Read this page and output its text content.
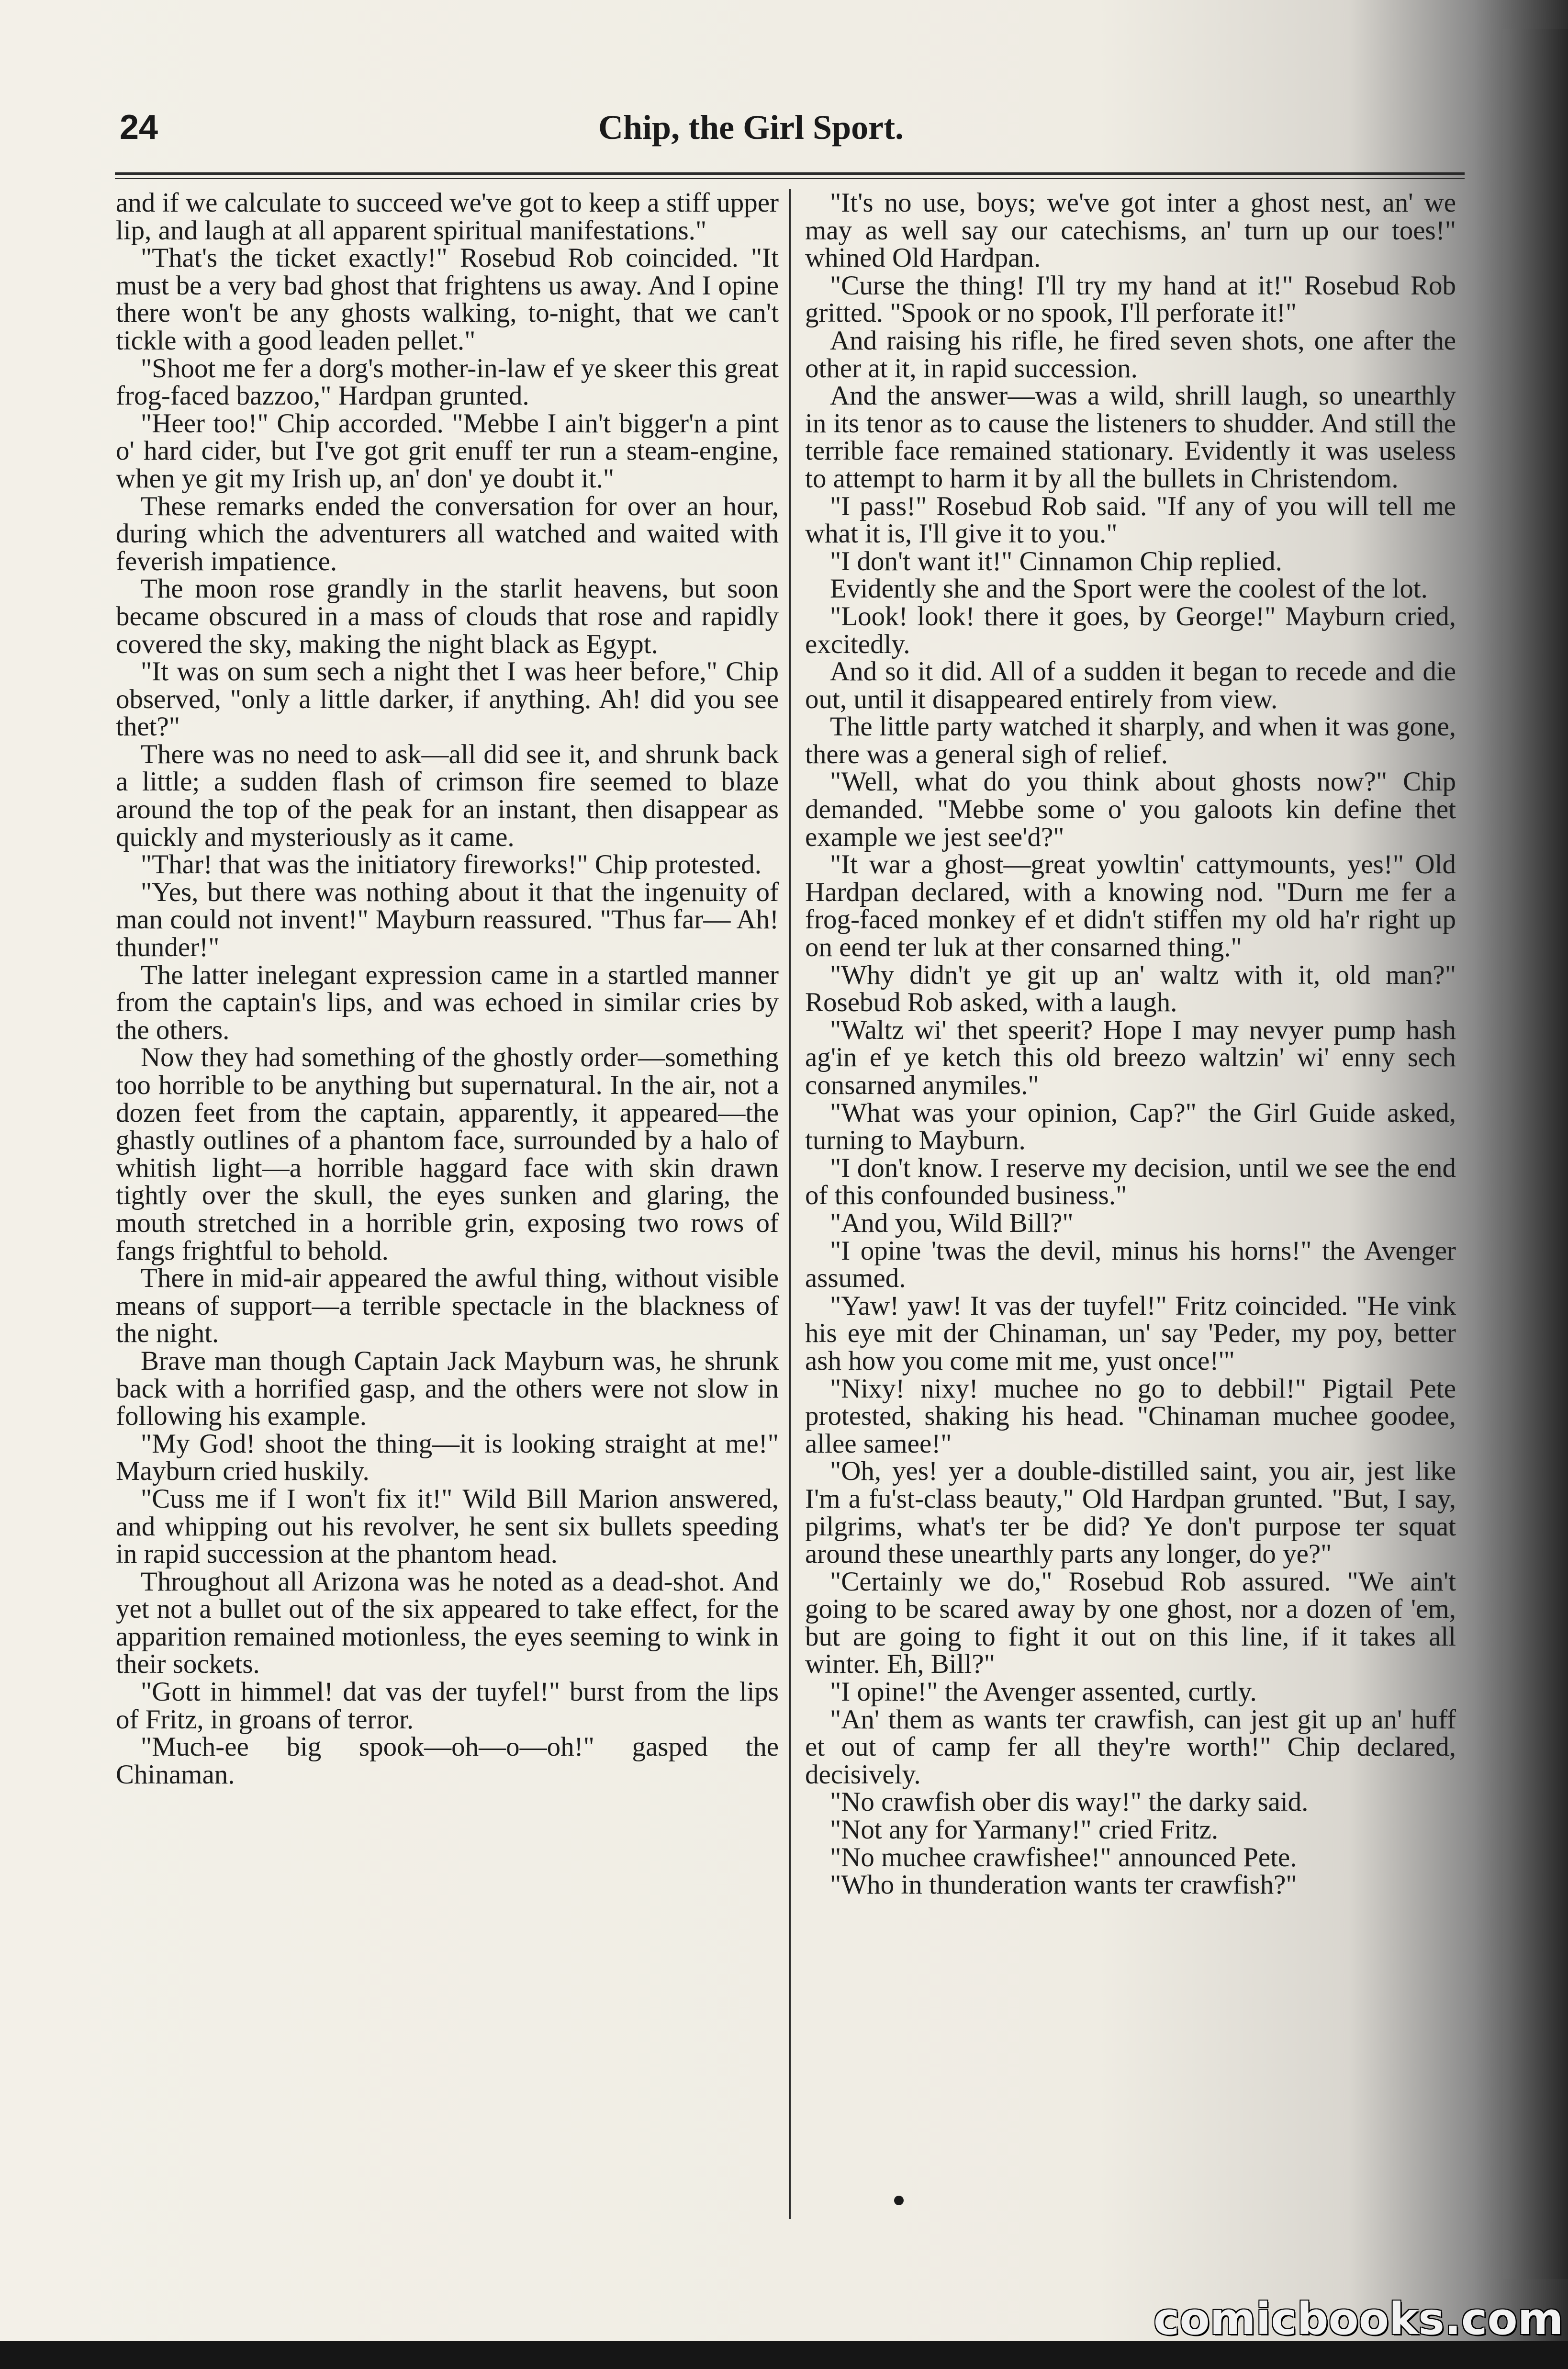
24	Chip, the Girl Sport.

and if we calculate to succeed we've got to keep a stiff upper lip, and laugh at all apparent spiritual manifestations."

"That's the ticket exactly!" Rosebud Rob coincided. "It must be a very bad ghost that frightens us away. And I opine there won't be any ghosts walking, to-night, that we can't tickle with a good leaden pellet."

"Shoot me fer a dorg's mother-in-law ef ye skeer this great frog-faced bazzoo," Hardpan grunted.

"Heer too!" Chip accorded. "Mebbe I ain't bigger'n a pint o' hard cider, but I've got grit enuff ter run a steam-engine, when ye git my Irish up, an' don' ye doubt it."

These remarks ended the conversation for over an hour, during which the adventurers all watched and waited with feverish impatience.

The moon rose grandly in the starlit heavens, but soon became obscured in a mass of clouds that rose and rapidly covered the sky, making the night black as Egypt.

"It was on sum sech a night thet I was heer before," Chip observed, "only a little darker, if anything. Ah! did you see thet?"

There was no need to ask—all did see it, and shrunk back a little; a sudden flash of crimson fire seemed to blaze around the top of the peak for an instant, then disappear as quickly and mysteriously as it came.

"Thar! that was the initiatory fireworks!" Chip protested.

"Yes, but there was nothing about it that the ingenuity of man could not invent!" Mayburn reassured. "Thus far— Ah! thunder!"

The latter inelegant expression came in a startled manner from the captain's lips, and was echoed in similar cries by the others.

Now they had something of the ghostly order—something too horrible to be anything but supernatural. In the air, not a dozen feet from the captain, apparently, it appeared—the ghastly outlines of a phantom face, surrounded by a halo of whitish light—a horrible haggard face with skin drawn tightly over the skull, the eyes sunken and glaring, the mouth stretched in a horrible grin, exposing two rows of fangs frightful to behold.

There in mid-air appeared the awful thing, without visible means of support—a terrible spectacle in the blackness of the night.

Brave man though Captain Jack Mayburn was, he shrunk back with a horrified gasp, and the others were not slow in following his example.

"My God! shoot the thing—it is looking straight at me!" Mayburn cried huskily.

"Cuss me if I won't fix it!" Wild Bill Marion answered, and whipping out his revolver, he sent six bullets speeding in rapid succession at the phantom head.

Throughout all Arizona was he noted as a dead-shot. And yet not a bullet out of the six appeared to take effect, for the apparition remained motionless, the eyes seeming to wink in their sockets.

"Gott in himmel! dat vas der tuyfel!" burst from the lips of Fritz, in groans of terror.

"Much-ee big spook—oh—o—oh!" gasped the Chinaman.

"It's no use, boys; we've got inter a ghost nest, an' we may as well say our catechisms, an' turn up our toes!" whined Old Hardpan.

"Curse the thing! I'll try my hand at it!" Rosebud Rob gritted. "Spook or no spook, I'll perforate it!"

And raising his rifle, he fired seven shots, one after the other at it, in rapid succession.

And the answer—was a wild, shrill laugh, so unearthly in its tenor as to cause the listeners to shudder. And still the terrible face remained stationary. Evidently it was useless to attempt to harm it by all the bullets in Christendom.

"I pass!" Rosebud Rob said. "If any of you will tell me what it is, I'll give it to you."

"I don't want it!" Cinnamon Chip replied.

Evidently she and the Sport were the coolest of the lot.

"Look! look! there it goes, by George!" Mayburn cried, excitedly.

And so it did. All of a sudden it began to recede and die out, until it disappeared entirely from view.

The little party watched it sharply, and when it was gone, there was a general sigh of relief.

"Well, what do you think about ghosts now?" Chip demanded. "Mebbe some o' you galoots kin define thet example we jest see'd?"

"It war a ghost—great yowltin' cattymounts, yes!" Old Hardpan declared, with a knowing nod. "Durn me fer a frog-faced monkey ef et didn't stiffen my old ha'r right up on eend ter luk at ther consarned thing."

"Why didn't ye git up an' waltz with it, old man?" Rosebud Rob asked, with a laugh.

"Waltz wi' thet speerit? Hope I may nevyer pump hash ag'in ef ye ketch this old breezo waltzin' wi' enny sech consarned anymiles."

"What was your opinion, Cap?" the Girl Guide asked, turning to Mayburn.

"I don't know. I reserve my decision, until we see the end of this confounded business."

"And you, Wild Bill?"

"I opine 'twas the devil, minus his horns!" the Avenger assumed.

"Yaw! yaw! It vas der tuyfel!" Fritz coincided. "He vink his eye mit der Chinaman, un' say 'Peder, my poy, better ash how you come mit me, yust once!'"

"Nixy! nixy! muchee no go to debbil!" Pigtail Pete protested, shaking his head. "Chinaman muchee goodee, allee samee!"

"Oh, yes! yer a double-distilled saint, you air, jest like I'm a fu'st-class beauty," Old Hardpan grunted. "But, I say, pilgrims, what's ter be did? Ye don't purpose ter squat around these unearthly parts any longer, do ye?"

"Certainly we do," Rosebud Rob assured. "We ain't going to be scared away by one ghost, nor a dozen of 'em, but are going to fight it out on this line, if it takes all winter. Eh, Bill?"

"I opine!" the Avenger assented, curtly.

"An' them as wants ter crawfish, can jest git up an' huff et out of camp fer all they're worth!" Chip declared, decisively.

"No crawfish ober dis way!" the darky said.

"Not any for Yarmany!" cried Fritz.

"No muchee crawfishee!" announced Pete.

"Who in thunderation wants ter crawfish?"

comicbooks.com
